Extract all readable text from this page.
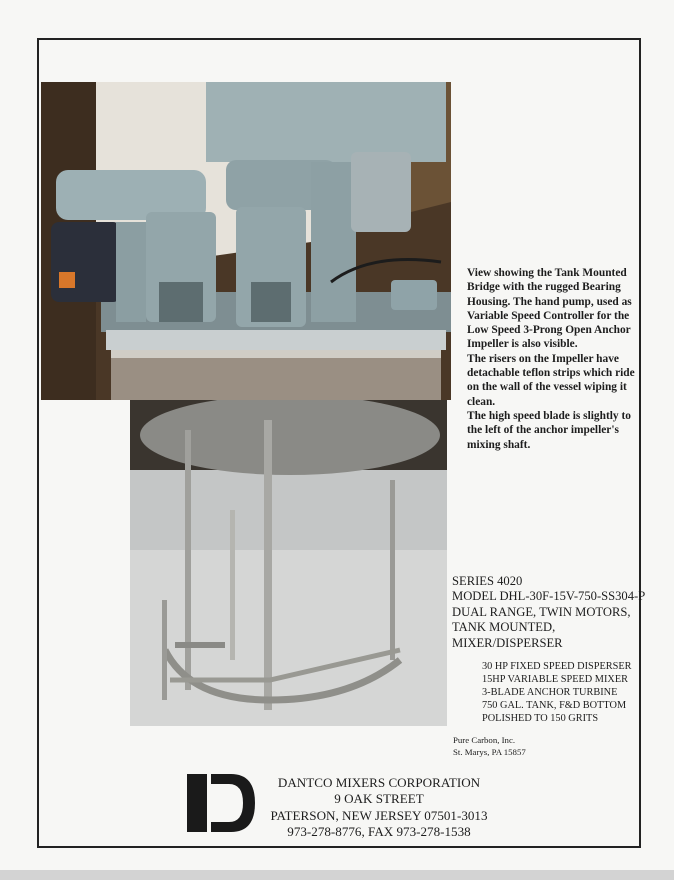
View showing the Tank Mounted Bridge with the rugged Bearing Housing. The hand pump, used as Variable Speed Controller for the Low Speed 3-Prong Open Anchor Impeller is also visible.

The risers on the Impeller have detachable teflon strips which ride on the wall of the vessel wiping it clean.

The high speed blade is slightly to the left of the anchor impeller's mixing shaft.

SERIES 4020
MODEL DHL-30F-15V-750-SS304-P
DUAL RANGE, TWIN MOTORS,
TANK MOUNTED,
MIXER/DISPERSER
30 HP FIXED SPEED DISPERSER
15HP VARIABLE SPEED MIXER
3-BLADE ANCHOR TURBINE
750 GAL. TANK, F&D BOTTOM
POLISHED TO 150 GRITS
Pure Carbon, Inc.
St. Marys, PA 15857
DANTCO MIXERS CORPORATION
9 OAK STREET
PATERSON, NEW JERSEY 07501-3013
973-278-8776, FAX 973-278-1538
